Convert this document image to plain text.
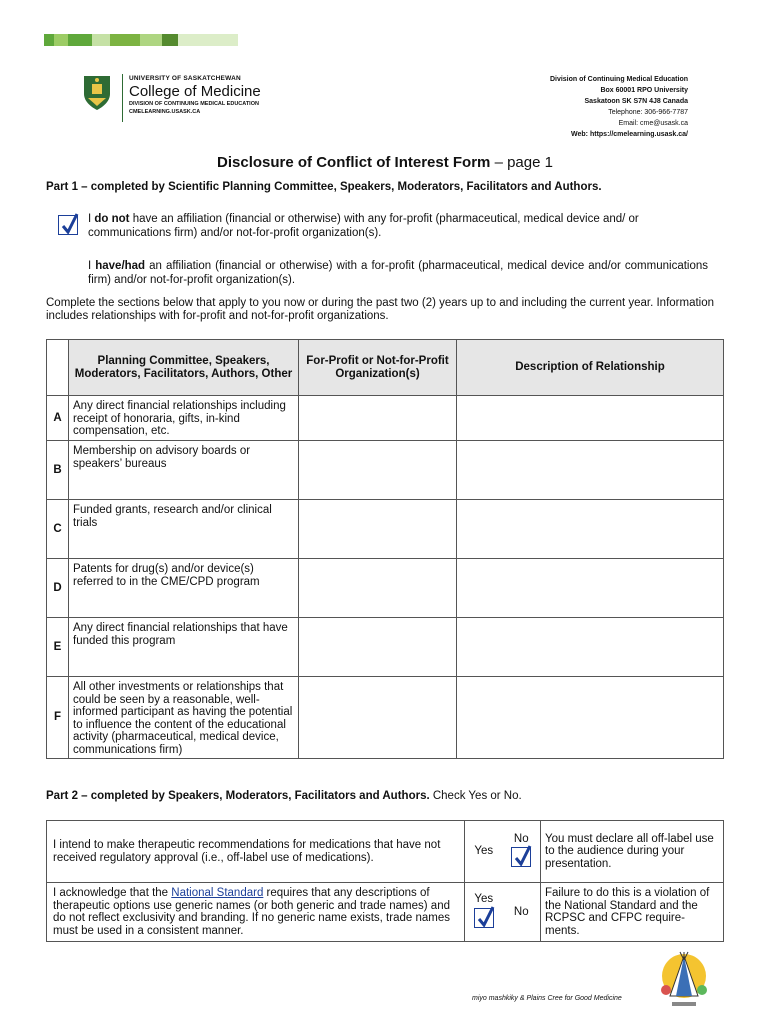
UNIVERSITY OF SASKATCHEWAN
College of Medicine
DIVISION OF CONTINUING MEDICAL EDUCATION
CMELEARNING.USASK.CA
Division of Continuing Medical Education
Box 60001 RPO University
Saskatoon SK S7N 4J8 Canada
Telephone: 306-966-7787
Email: cme@usask.ca
Web: https://cmelearning.usask.ca/
Disclosure of Conflict of Interest Form – page 1
Part 1 – completed by Scientific Planning Committee, Speakers, Moderators, Facilitators and Authors.
I do not have an affiliation (financial or otherwise) with any for-profit (pharmaceutical, medical device and/ or communications firm) and/or not-for-profit organization(s).
I have/had an affiliation (financial or otherwise) with a for-profit (pharmaceutical, medical device and/or communications firm) and/or not-for-profit organization(s).
Complete the sections below that apply to you now or during the past two (2) years up to and including the current year. Information includes relationships with for-profit and not-for-profit organizations.
	Planning Committee, Speakers, Moderators, Facilitators, Authors, Other	For-Profit or Not-for-Profit Organization(s)	Description of Relationship
A	Any direct financial relationships including receipt of honoraria, gifts, in-kind compensation, etc.		
B	Membership on advisory boards or speakers’ bureaus		
C	Funded grants, research and/or clinical trials		
D	Patents for drug(s) and/or device(s) referred to in the CME/CPD program		
E	Any direct financial relationships that have funded this program		
F	All other investments or relationships that could be seen by a reasonable, well-informed participant as having the potential to influence the content of the educational activity (pharmaceutical, medical device, communications firm)		
Part 2 – completed by Speakers, Moderators, Facilitators and Authors. Check Yes or No.
I intend to make therapeutic recommendations for medications that have not received regulatory approval (i.e., off-label use of medications).	Yes	No	You must declare all off-label use to the audience during your presentation.
I acknowledge that the National Standard requires that any descriptions of therapeutic options use generic names (or both generic and trade names) and do not reflect exclusivity and branding. If no generic name exists, trade names must be used in a consistent manner.	Yes	No	Failure to do this is a violation of the National Standard and the RCPSC and CFPC require-ments.
miyo mashkiky & Plains Cree for Good Medicine
